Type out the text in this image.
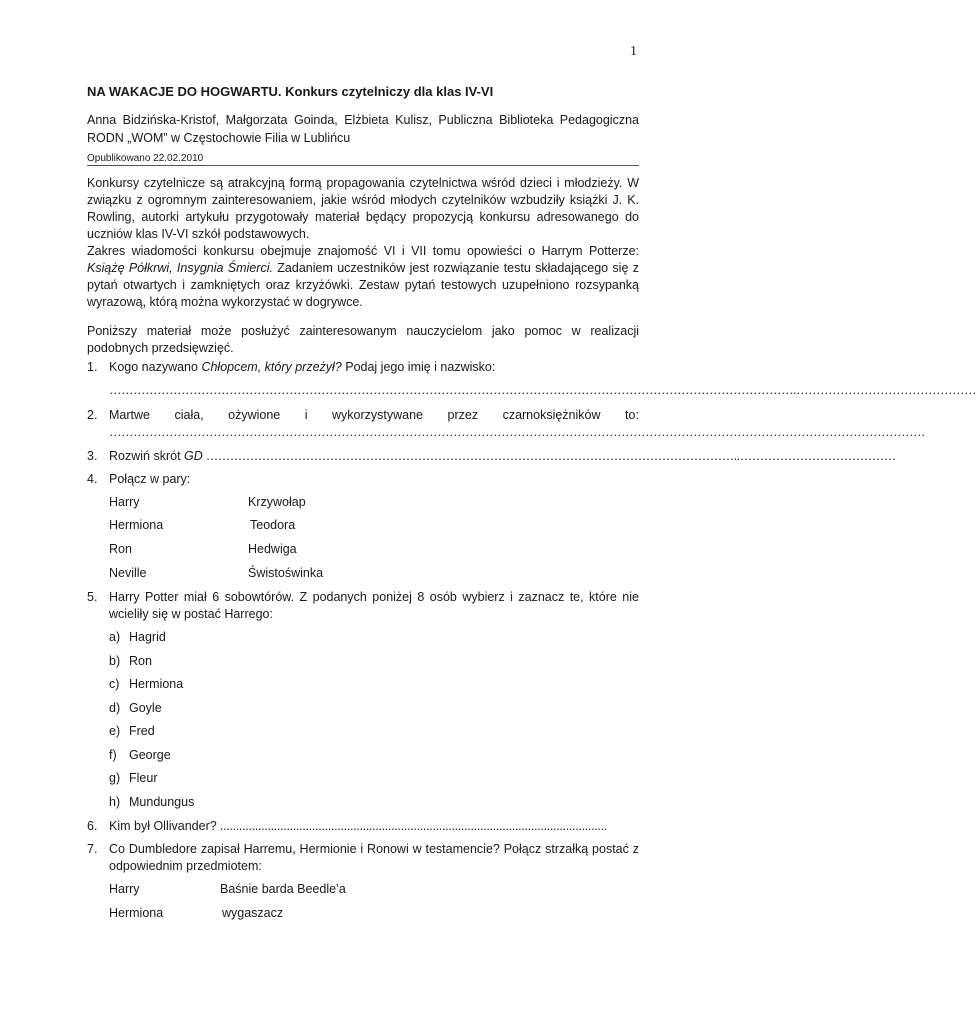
1
NA WAKACJE DO HOGWARTU. Konkurs czytelniczy dla klas IV-VI
Anna Bidzińska-Kristof, Małgorzata Goinda, Elżbieta Kulisz, Publiczna Biblioteka Pedagogiczna RODN „WOM” w Częstochowie Filia w Lublińcu
Opublikowano 22.02.2010

Konkursy czytelnicze są atrakcyjną formą propagowania czytelnictwa wśród dzieci i młodzieży. W związku z ogromnym zainteresowaniem, jakie wśród młodych czytelników wzbudziły książki J. K. Rowling, autorki artykułu przygotowały materiał będący propozycją konkursu adresowanego do uczniów klas IV-VI szkół podstawowych.

Zakres wiadomości konkursu obejmuje znajomość VI i VII tomu opowieści o Harrym Potterze: Książę Półkrwi, Insygnia Śmierci. Zadaniem uczestników jest rozwiązanie testu składającego się z pytań otwartych i zamkniętych oraz krzyżówki. Zestaw pytań testowych uzupełniono rozsypanką wyrazową, którą można wykorzystać w dogrywce.

Poniższy materiał może posłużyć zainteresowanym nauczycielom jako pomoc w realizacji podobnych przedsięwzięć.

1. Kogo nazywano Chłopcem, który przeżył? Podaj jego imię i nazwisko:
……………………………………………………………………………………………………………………………………………………….………………………………………
2. Martwe ciała, ożywione i wykorzystywane przez czarnoksiężników to:
……………………………………………………………………………………………………………………………………………………………………………………
3. Rozwiń skrót GD ……………………………………………………………………………………………………………………..…………………………………
4. Połącz w pary:
Harry	Krzywołap
Hermiona	Teodora
Ron	Hedwiga
Neville	Świstoświnka
5. Harry Potter miał 6 sobowtórów. Z podanych poniżej 8 osób wybierz i zaznacz te, które nie wcieliły się w postać Harrego:
a) Hagrid
b) Ron
c) Hermiona
d) Goyle
e) Fred
f) George
g) Fleur
h) Mundungus
6. Kim był Ollivander? ..........................................................................................................................
7. Co Dumbledore zapisał Harremu, Hermionie i Ronowi w testamencie? Połącz strzałką postać z odpowiednim przedmiotem:
Harry	Baśnie barda Beedle’a
Hermiona	wygaszacz
